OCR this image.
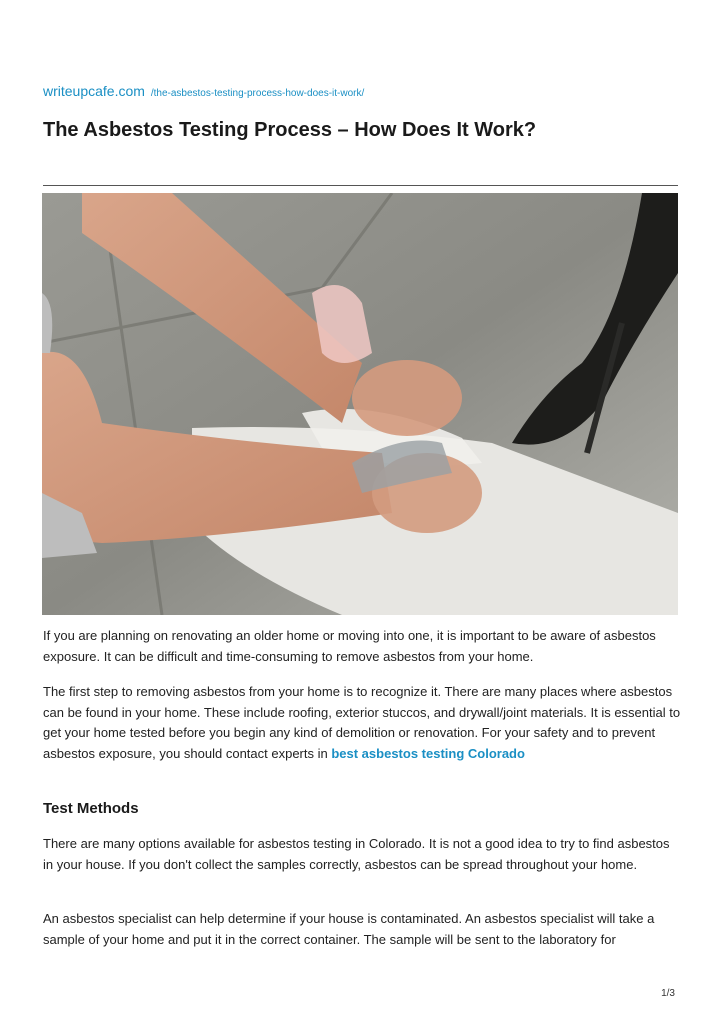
writeupcafe.com /the-asbestos-testing-process-how-does-it-work/
The Asbestos Testing Process – How Does It Work?

If you are planning on renovating an older home or moving into one, it is important to be aware of asbestos exposure. It can be difficult and time-consuming to remove asbestos from your home.

The first step to removing asbestos from your home is to recognize it. There are many places where asbestos can be found in your home. These include roofing, exterior stuccos, and drywall/joint materials. It is essential to get your home tested before you begin any kind of demolition or renovation. For your safety and to prevent asbestos exposure, you should contact experts in best asbestos testing Colorado

Test Methods

There are many options available for asbestos testing in Colorado. It is not a good idea to try to find asbestos in your house. If you don't collect the samples correctly, asbestos can be spread throughout your home.

An asbestos specialist can help determine if your house is contaminated. An asbestos specialist will take a sample of your home and put it in the correct container. The sample will be sent to the laboratory for

1/3
